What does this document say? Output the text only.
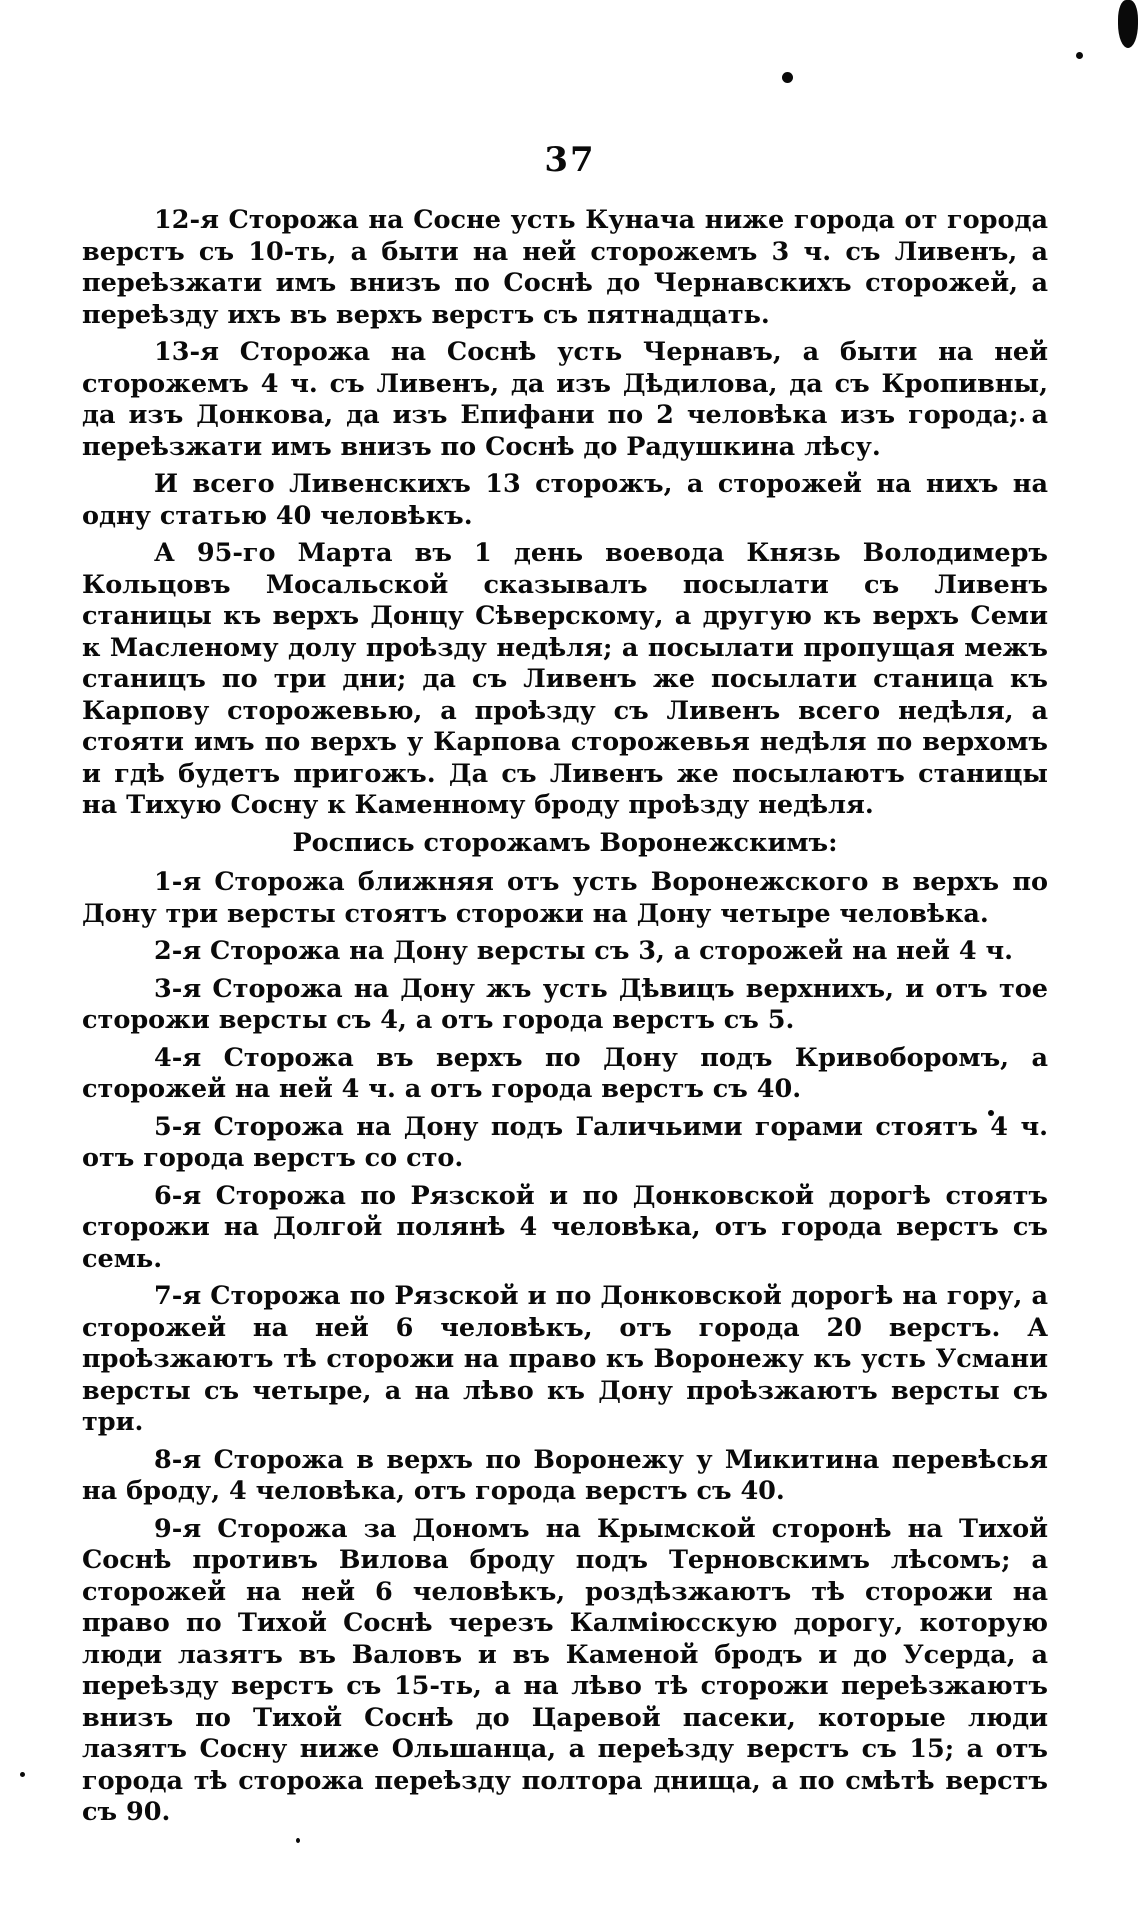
37

12-я Сторожа на Сосне усть Кунача ниже города от города верстъ съ 10-ть, а быти на ней сторожемъ 3 ч. съ Ливенъ, а переѣзжати имъ внизъ по Соснѣ до Чернавскихъ сторожей, а переѣзду ихъ въ верхъ верстъ съ пятнадцать.

13-я Сторожа на Соснѣ усть Чернавъ, а быти на ней сторожемъ 4 ч. съ Ливенъ, да изъ Дѣдилова, да съ Кропивны, да изъ Донкова, да изъ Епифани по 2 человѣка изъ города; а переѣзжати имъ внизъ по Соснѣ до Радушкина лѣсу.

И всего Ливенскихъ 13 сторожъ, а сторожей на нихъ на одну статью 40 человѣкъ.

А 95-го Марта въ 1 день воевода Князь Володимеръ Кольцовъ Мосальской сказывалъ посылати съ Ливенъ станицы къ верхъ Донцу Сѣверскому, а другую къ верхъ Семи к Масленому долу проѣзду недѣля; а посылати пропущая межъ станицъ по три дни; да съ Ливенъ же посылати станица къ Карпову сторожевью, а проѣзду съ Ливенъ всего недѣля, а стояти имъ по верхъ у Карпова сторожевья недѣля по верхомъ и гдѣ будетъ пригожъ. Да съ Ливенъ же посылаютъ станицы на Тихую Сосну к Каменному броду проѣзду недѣля.

Роспись сторожамъ Воронежскимъ:

1-я Сторожа ближняя отъ усть Воронежского в верхъ по Дону три версты стоятъ сторожи на Дону четыре человѣка.

2-я Сторожа на Дону версты съ 3, а сторожей на ней 4 ч.

3-я Сторожа на Дону жъ усть Дѣвицъ верхнихъ, и отъ тое сторожи версты съ 4, а отъ города верстъ съ 5.

4-я Сторожа въ верхъ по Дону подъ Кривоборомъ, а сторожей на ней 4 ч. а отъ города верстъ съ 40.

5-я Сторожа на Дону подъ Галичьими горами стоятъ 4 ч. отъ города верстъ со сто.

6-я Сторожа по Рязской и по Донковской дорогѣ стоятъ сторожи на Долгой полянѣ 4 человѣка, отъ города верстъ съ семь.

7-я Сторожа по Рязской и по Донковской дорогѣ на гору, а сторожей на ней 6 человѣкъ, отъ города 20 верстъ. А проѣзжаютъ тѣ сторожи на право къ Воронежу къ усть Усмани версты съ четыре, а на лѣво къ Дону проѣзжаютъ версты съ три.

8-я Сторожа в верхъ по Воронежу у Микитина перевѣсья на броду, 4 человѣка, отъ города верстъ съ 40.

9-я Сторожа за Дономъ на Крымской сторонѣ на Тихой Соснѣ противъ Вилова броду подъ Терновскимъ лѣсомъ; а сторожей на ней 6 человѣкъ, роздѣзжаютъ тѣ сторожи на право по Тихой Соснѣ черезъ Калміюсскую дорогу, которую люди лазятъ въ Валовъ и въ Каменой бродъ и до Усерда, а переѣзду верстъ съ 15-ть, а на лѣво тѣ сторожи переѣзжаютъ внизъ по Тихой Соснѣ до Царевой пасеки, которые люди лазятъ Сосну ниже Ольшанца, а переѣзду верстъ съ 15; а отъ города тѣ сторожа переѣзду полтора днища, а по смѣтѣ верстъ съ 90.
